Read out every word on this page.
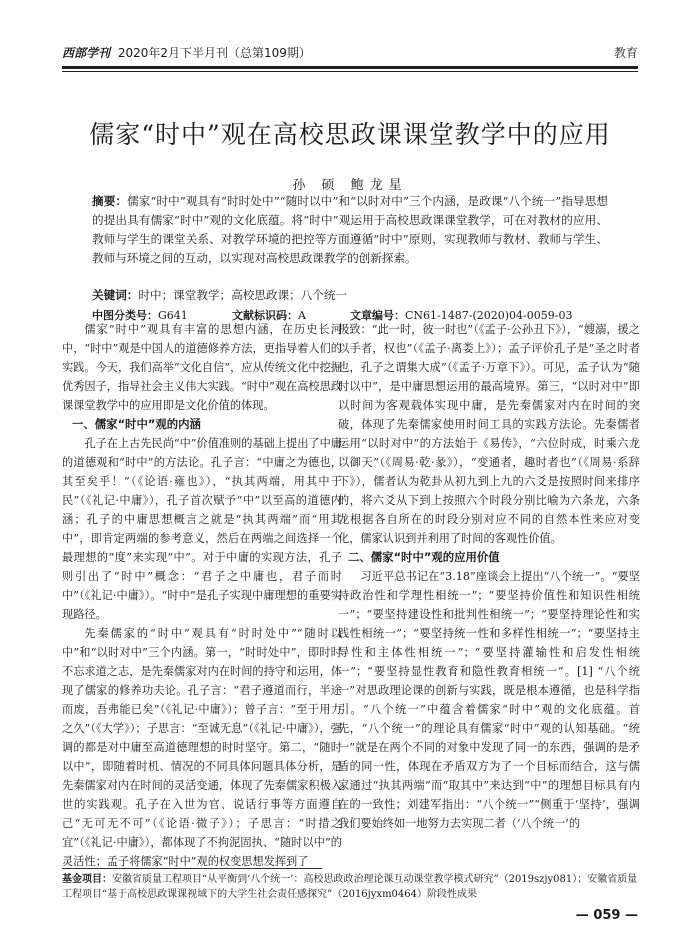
西部学刊 2020年2月下半月刊（总第109期）	教育
儒家“时中”观在高校思政课课堂教学中的应用
孙 硕 鲍龙星
摘要：儒家“时中”观具有“时时处中”“随时以中”和“以时对中”三个内涵，是政课“八个统一”指导思想的提出具有儒家“时中”观的文化底蕴。将“时中”观运用于高校思政课课堂教学，可在对教材的应用、教师与学生的课堂关系、对教学环境的把控等方面遵循“时中”原则，实现教师与教材、教师与学生、教师与环境之间的互动，以实现对高校思政课教学的创新探索。
关键词：时中；课堂教学；高校思政课；八个统一
中图分类号：G641	文献标识码：A	文章编号：CN61-1487-(2020)04-0059-03

儒家“时中”观具有丰富的思想内涵，在历史长河中，“时中”观是中国人的道德修养方法，更指导着人们的实践。今天，我们高举“文化自信”，应从传统文化中挖掘优秀因子，指导社会主义伟大实践。“时中”观在高校思政课课堂教学中的应用即是文化价值的体现。

一、儒家“时中”观的内涵

孔子在上古先民尚“中”价值准则的基础上提出了中庸的道德观和“时中”的方法论。孔子言：“中庸之为德也，其至矣乎！”（《论语·雍也》），“执其两端，用其中于民”（《礼记·中庸》），孔子首次赋予“中”以至高的道德内涵；孔子的中庸思想概言之就是“执其两端”而“用其中”，即肯定两端的参考意义，然后在两端之间选择一个最理想的“度”来实现“中”。对于中庸的实现方法，孔子则引出了“时中”概念：“君子之中庸也，君子而时中”（《礼记·中庸》）。“时中”是孔子实现中庸理想的重要实现路径。

先秦儒家的“时中”观具有“时时处中”“随时以中”和“以时对中”三个内涵。第一，“时时处中”，即时时不忘求道之志，是先秦儒家对内在时间的持守和运用，体现了儒家的修养功夫论。孔子言：“君子遵道而行，半途而废，吾弗能已矣”（《礼记·中庸》）；曾子言：“至于用力之久”（《大学》）；子思言：“至诚无息”（《礼记·中庸》），强调的都是对中庸至高道德理想的时时坚守。第二，“随时以中”，即随着时机、情况的不同具体问题具体分析，是先秦儒家对内在时间的灵活变通，体现了先秦儒家积极入世的实践观。孔子在入世为官、说话行事等方面遵自己“无可无不可”（《论语·微子》）；子思言：“时措之宜”（《礼记·中庸》），都体现了不拘泥固执、“随时以中”的灵活性；孟子将儒家“时中”观的权变思想发挥到了

极致：“此一时，彼一时也”（《孟子·公孙丑下》），“嫂溺，援之以手者，权也”（《孟子·离娄上》）；孟子评价孔子是“圣之时者也，孔子之谓集大成”（《孟子·万章下》）。可见，孟子认为“随时以中”，是中庸思想运用的最高境界。第三，“以时对中”即以时间为客观载体实现中庸，是先秦儒家对内在时间的突破，体现了先秦儒家使用时间工具的实践方法论。先秦儒者运用“以时对中”的方法始于《易传》，“六位时成，时乘六龙以御天”（《周易·乾·彖》），“变通者，趣时者也”（《周易·系辞下》），儒者认为乾卦从初九到上九的六爻是按照时间来排序的，将六爻从下到上按照六个时段分别比喻为六条龙，六条龙根据各自所在的时段分别对应不同的自然本性来应对变化，儒家认识到并利用了时间的客观性价值。

二、儒家“时中”观的应用价值

习近平总书记在“3.18”座谈会上提出“八个统一”。“要坚持政治性和学理性相统一”；“要坚持价值性和知识性相统一”；“要坚持建设性和批判性相统一”；“要坚持理论性和实践性相统一”；“要坚持统一性和多样性相统一”；“要坚持主导性和主体性相统一”；“要坚持灌输性和启发性相统一”；“要坚持显性教育和隐性教育相统一”。[1] “八个统一”对思政理论课的创新与实践，既是根本遵循，也是科学指引。“八个统一”中蕴含着儒家“时中”观的文化底蕴。首先，“八个统一”的理论具有儒家“时中”观的认知基础。“统一”就是在两个不同的对象中发现了同一的东西，强调的是矛盾的同一性，体现在矛盾双方为了一个目标而结合，这与儒家通过“执其两端”而“取其中”来达到“中”的理想目标具有内在的一致性；刘建军指出：“八个统一”“侧重于‘坚持’，强调我们要始终如一地努力去实现二者（‘八个统一’的

基金项目：安徽省质量工程项目“从平衡到‘八个统一’：高校思政政治理论课互动课堂教学模式研究”（2019szjy081）；安徽省质量工程项目“基于高校思政课课视域下的大学生社会责任感探究”（2016jyxm0464）阶段性成果
— 059 —
